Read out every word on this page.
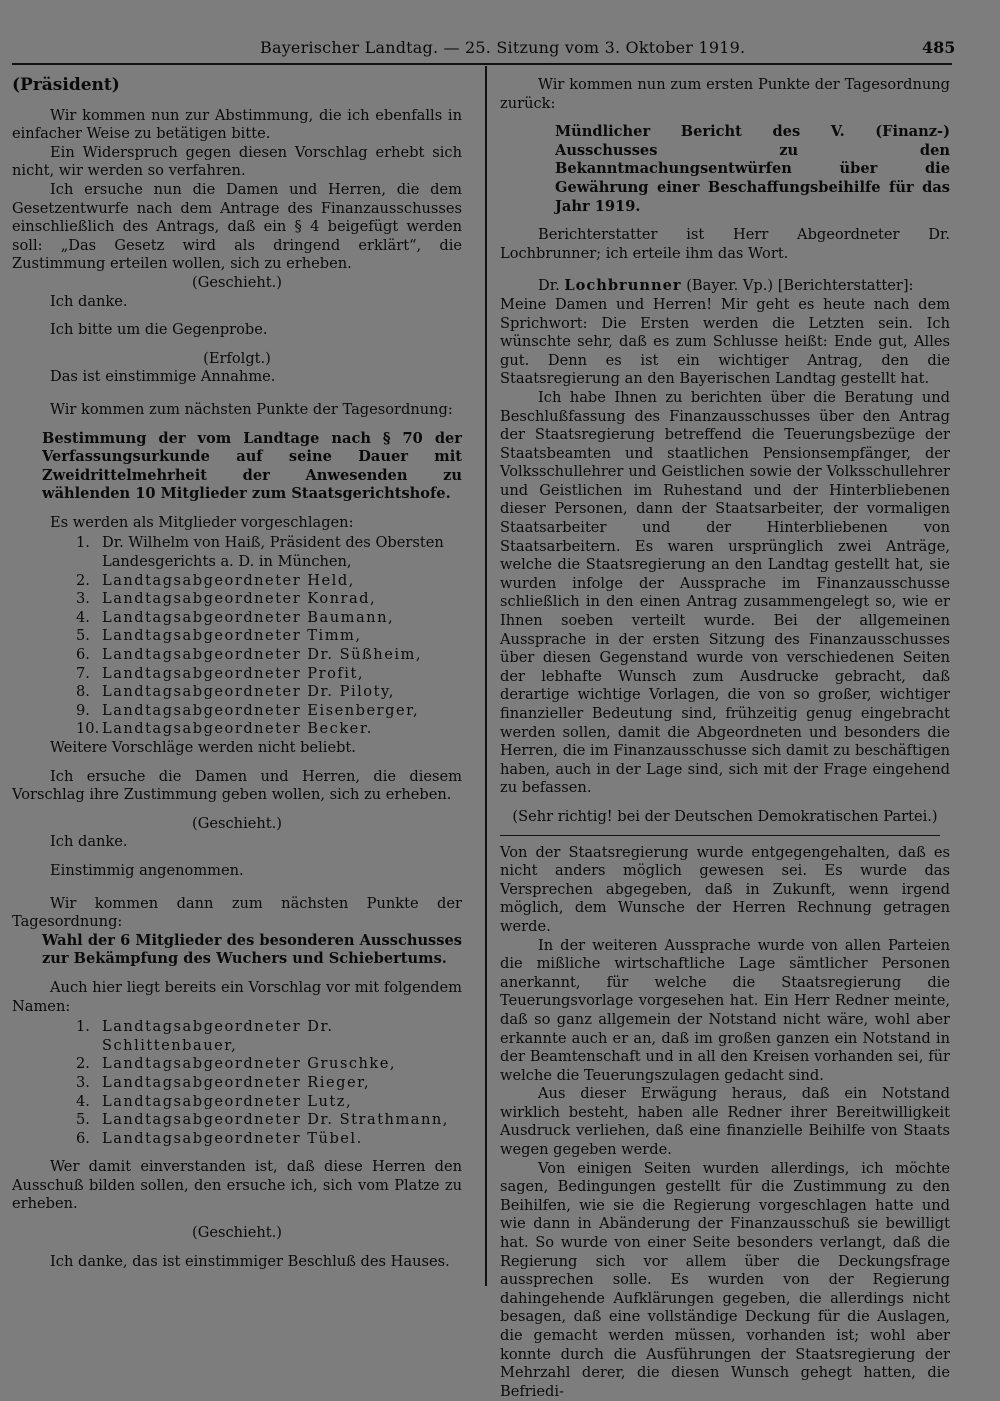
Bayerischer Landtag. — 25. Sitzung vom 3. Oktober 1919.	485
(Präsident)

Wir kommen nun zur Abstimmung, die ich ebenfalls in einfacher Weise zu betätigen bitte.

Ein Widerspruch gegen diesen Vorschlag erhebt sich nicht, wir werden so verfahren.

Ich ersuche nun die Damen und Herren, die dem Gesetzentwurfe nach dem Antrage des Finanzausschusses einschließlich des Antrags, daß ein § 4 beigefügt werden soll: „Das Gesetz wird als dringend erklärt“, die Zustimmung erteilen wollen, sich zu erheben.

(Geschieht.)

Ich danke.

Ich bitte um die Gegenprobe.

(Erfolgt.)

Das ist einstimmige Annahme.

Wir kommen zum nächsten Punkte der Tagesordnung:

Bestimmung der vom Landtage nach § 70 der Verfassungsurkunde auf seine Dauer mit Zweidrittelmehrheit der Anwesenden zu wählenden 10 Mitglieder zum Staatsgerichtshofe.

Es werden als Mitglieder vorgeschlagen:

1. Dr. Wilhelm von Haiß, Präsident des Obersten Landesgerichts a. D. in München,
2. Landtagsabgeordneter Held,
3. Landtagsabgeordneter Konrad,
4. Landtagsabgeordneter Baumann,
5. Landtagsabgeordneter Timm,
6. Landtagsabgeordneter Dr. Süßheim,
7. Landtagsabgeordneter Profit,
8. Landtagsabgeordneter Dr. Piloty,
9. Landtagsabgeordneter Eisenberger,
10. Landtagsabgeordneter Becker.

Weitere Vorschläge werden nicht beliebt.

Ich ersuche die Damen und Herren, die diesem Vorschlag ihre Zustimmung geben wollen, sich zu erheben.

(Geschieht.)

Ich danke.

Einstimmig angenommen.

Wir kommen dann zum nächsten Punkte der Tagesordnung:

Wahl der 6 Mitglieder des besonderen Ausschusses zur Bekämpfung des Wuchers und Schiebertums.

Auch hier liegt bereits ein Vorschlag vor mit folgendem Namen:

1. Landtagsabgeordneter Dr. Schlittenbauer,
2. Landtagsabgeordneter Gruschke,
3. Landtagsabgeordneter Rieger,
4. Landtagsabgeordneter Lutz,
5. Landtagsabgeordneter Dr. Strathmann,
6. Landtagsabgeordneter Tübel.

Wer damit einverstanden ist, daß diese Herren den Ausschuß bilden sollen, den ersuche ich, sich vom Platze zu erheben.

(Geschieht.)

Ich danke, das ist einstimmiger Beschluß des Hauses.

Wir kommen nun zum ersten Punkte der Tagesordnung zurück:

Mündlicher Bericht des V. (Finanz-) Ausschusses zu den Bekanntmachungsentwürfen über die Gewährung einer Beschaffungsbeihilfe für das Jahr 1919.

Berichterstatter ist Herr Abgeordneter Dr. Lochbrunner; ich erteile ihm das Wort.

Dr. Lochbrunner (Bayer. Vp.) [Berichterstatter]:

Meine Damen und Herren! Mir geht es heute nach dem Sprichwort: Die Ersten werden die Letzten sein. Ich wünschte sehr, daß es zum Schlusse heißt: Ende gut, Alles gut. Denn es ist ein wichtiger Antrag, den die Staatsregierung an den Bayerischen Landtag gestellt hat.

Ich habe Ihnen zu berichten über die Beratung und Beschlußfassung des Finanzausschusses über den Antrag der Staatsregierung betreffend die Teuerungsbezüge der Staatsbeamten und staatlichen Pensionsempfänger, der Volksschullehrer und Geistlichen sowie der Volksschullehrer und Geistlichen im Ruhestand und der Hinterbliebenen dieser Personen, dann der Staatsarbeiter, der vormaligen Staatsarbeiter und der Hinterbliebenen von Staatsarbeitern. Es waren ursprünglich zwei Anträge, welche die Staatsregierung an den Landtag gestellt hat, sie wurden infolge der Aussprache im Finanzausschusse schließlich in den einen Antrag zusammengelegt so, wie er Ihnen soeben verteilt wurde. Bei der allgemeinen Aussprache in der ersten Sitzung des Finanzausschusses über diesen Gegenstand wurde von verschiedenen Seiten der lebhafte Wunsch zum Ausdrucke gebracht, daß derartige wichtige Vorlagen, die von so großer, wichtiger finanzieller Bedeutung sind, frühzeitig genug eingebracht werden sollen, damit die Abgeordneten und besonders die Herren, die im Finanzausschusse sich damit zu beschäftigen haben, auch in der Lage sind, sich mit der Frage eingehend zu befassen.

(Sehr richtig! bei der Deutschen Demokratischen Partei.)

Von der Staatsregierung wurde entgegengehalten, daß es nicht anders möglich gewesen sei. Es wurde das Versprechen abgegeben, daß in Zukunft, wenn irgend möglich, dem Wunsche der Herren Rechnung getragen werde.

In der weiteren Aussprache wurde von allen Parteien die mißliche wirtschaftliche Lage sämtlicher Personen anerkannt, für welche die Staatsregierung die Teuerungsvorlage vorgesehen hat. Ein Herr Redner meinte, daß so ganz allgemein der Notstand nicht wäre, wohl aber erkannte auch er an, daß im großen ganzen ein Notstand in der Beamtenschaft und in all den Kreisen vorhanden sei, für welche die Teuerungszulagen gedacht sind.

Aus dieser Erwägung heraus, daß ein Notstand wirklich besteht, haben alle Redner ihrer Bereitwilligkeit Ausdruck verliehen, daß eine finanzielle Beihilfe von Staats wegen gegeben werde.

Von einigen Seiten wurden allerdings, ich möchte sagen, Bedingungen gestellt für die Zustimmung zu den Beihilfen, wie sie die Regierung vorgeschlagen hatte und wie dann in Abänderung der Finanzausschuß sie bewilligt hat. So wurde von einer Seite besonders verlangt, daß die Regierung sich vor allem über die Deckungsfrage aussprechen solle. Es wurden von der Regierung dahingehende Aufklärungen gegeben, die allerdings nicht besagen, daß eine vollständige Deckung für die Auslagen, die gemacht werden müssen, vorhanden ist; wohl aber konnte durch die Ausführungen der Staatsregierung der Mehrzahl derer, die diesen Wunsch gehegt hatten, die Befriedi-
